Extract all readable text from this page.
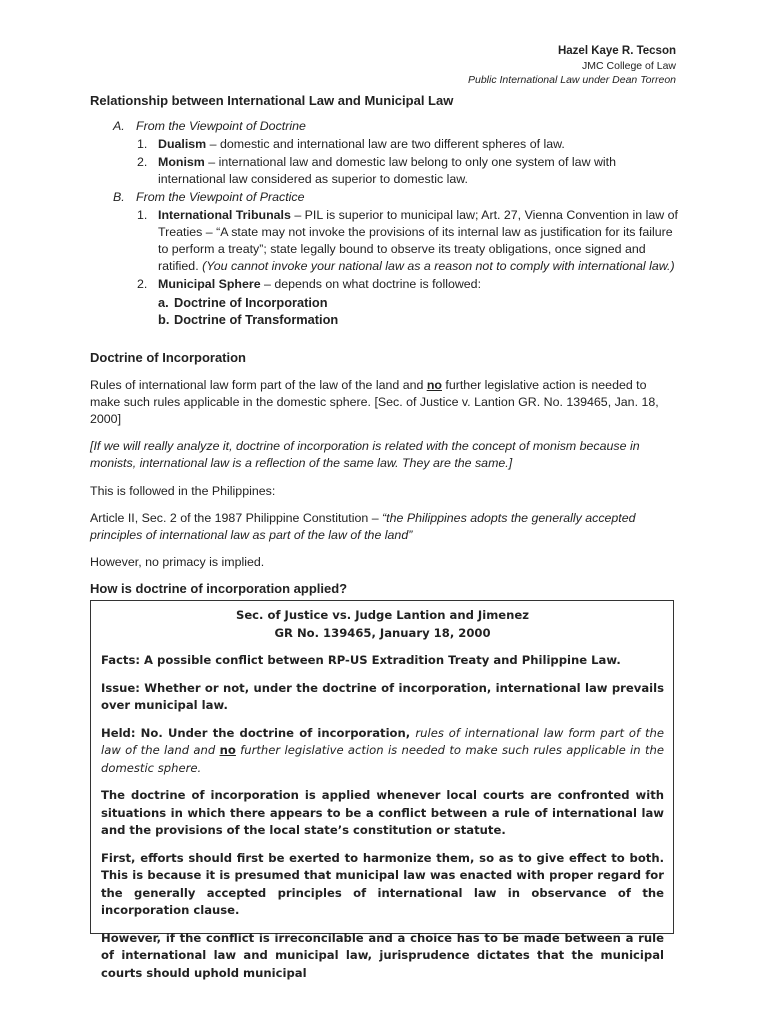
Hazel Kaye R. Tecson
JMC College of Law
Public International Law under Dean Torreon
Relationship between International Law and Municipal Law
A. From the Viewpoint of Doctrine
1. Dualism – domestic and international law are two different spheres of law.
2. Monism – international law and domestic law belong to only one system of law with international law considered as superior to domestic law.
B. From the Viewpoint of Practice
1. International Tribunals – PIL is superior to municipal law; Art. 27, Vienna Convention in law of Treaties – “A state may not invoke the provisions of its internal law as justification for its failure to perform a treaty”; state legally bound to observe its treaty obligations, once signed and ratified. (You cannot invoke your national law as a reason not to comply with international law.)
2. Municipal Sphere – depends on what doctrine is followed:
a. Doctrine of Incorporation
b. Doctrine of Transformation
Doctrine of Incorporation
Rules of international law form part of the law of the land and no further legislative action is needed to make such rules applicable in the domestic sphere. [Sec. of Justice v. Lantion GR. No. 139465, Jan. 18, 2000]
[If we will really analyze it, doctrine of incorporation is related with the concept of monism because in monists, international law is a reflection of the same law. They are the same.]
This is followed in the Philippines:
Article II, Sec. 2 of the 1987 Philippine Constitution – “the Philippines adopts the generally accepted principles of international law as part of the law of the land”
However, no primacy is implied.
How is doctrine of incorporation applied?
Sec. of Justice vs. Judge Lantion and Jimenez
GR No. 139465, January 18, 2000

Facts: A possible conflict between RP-US Extradition Treaty and Philippine Law.

Issue: Whether or not, under the doctrine of incorporation, international law prevails over municipal law.

Held: No. Under the doctrine of incorporation, rules of international law form part of the law of the land and no further legislative action is needed to make such rules applicable in the domestic sphere.

The doctrine of incorporation is applied whenever local courts are confronted with situations in which there appears to be a conflict between a rule of international law and the provisions of the local state’s constitution or statute.

First, efforts should first be exerted to harmonize them, so as to give effect to both. This is because it is presumed that municipal law was enacted with proper regard for the generally accepted principles of international law in observance of the incorporation clause.

However, if the conflict is irreconcilable and a choice has to be made between a rule of international law and municipal law, jurisprudence dictates that the municipal courts should uphold municipal
